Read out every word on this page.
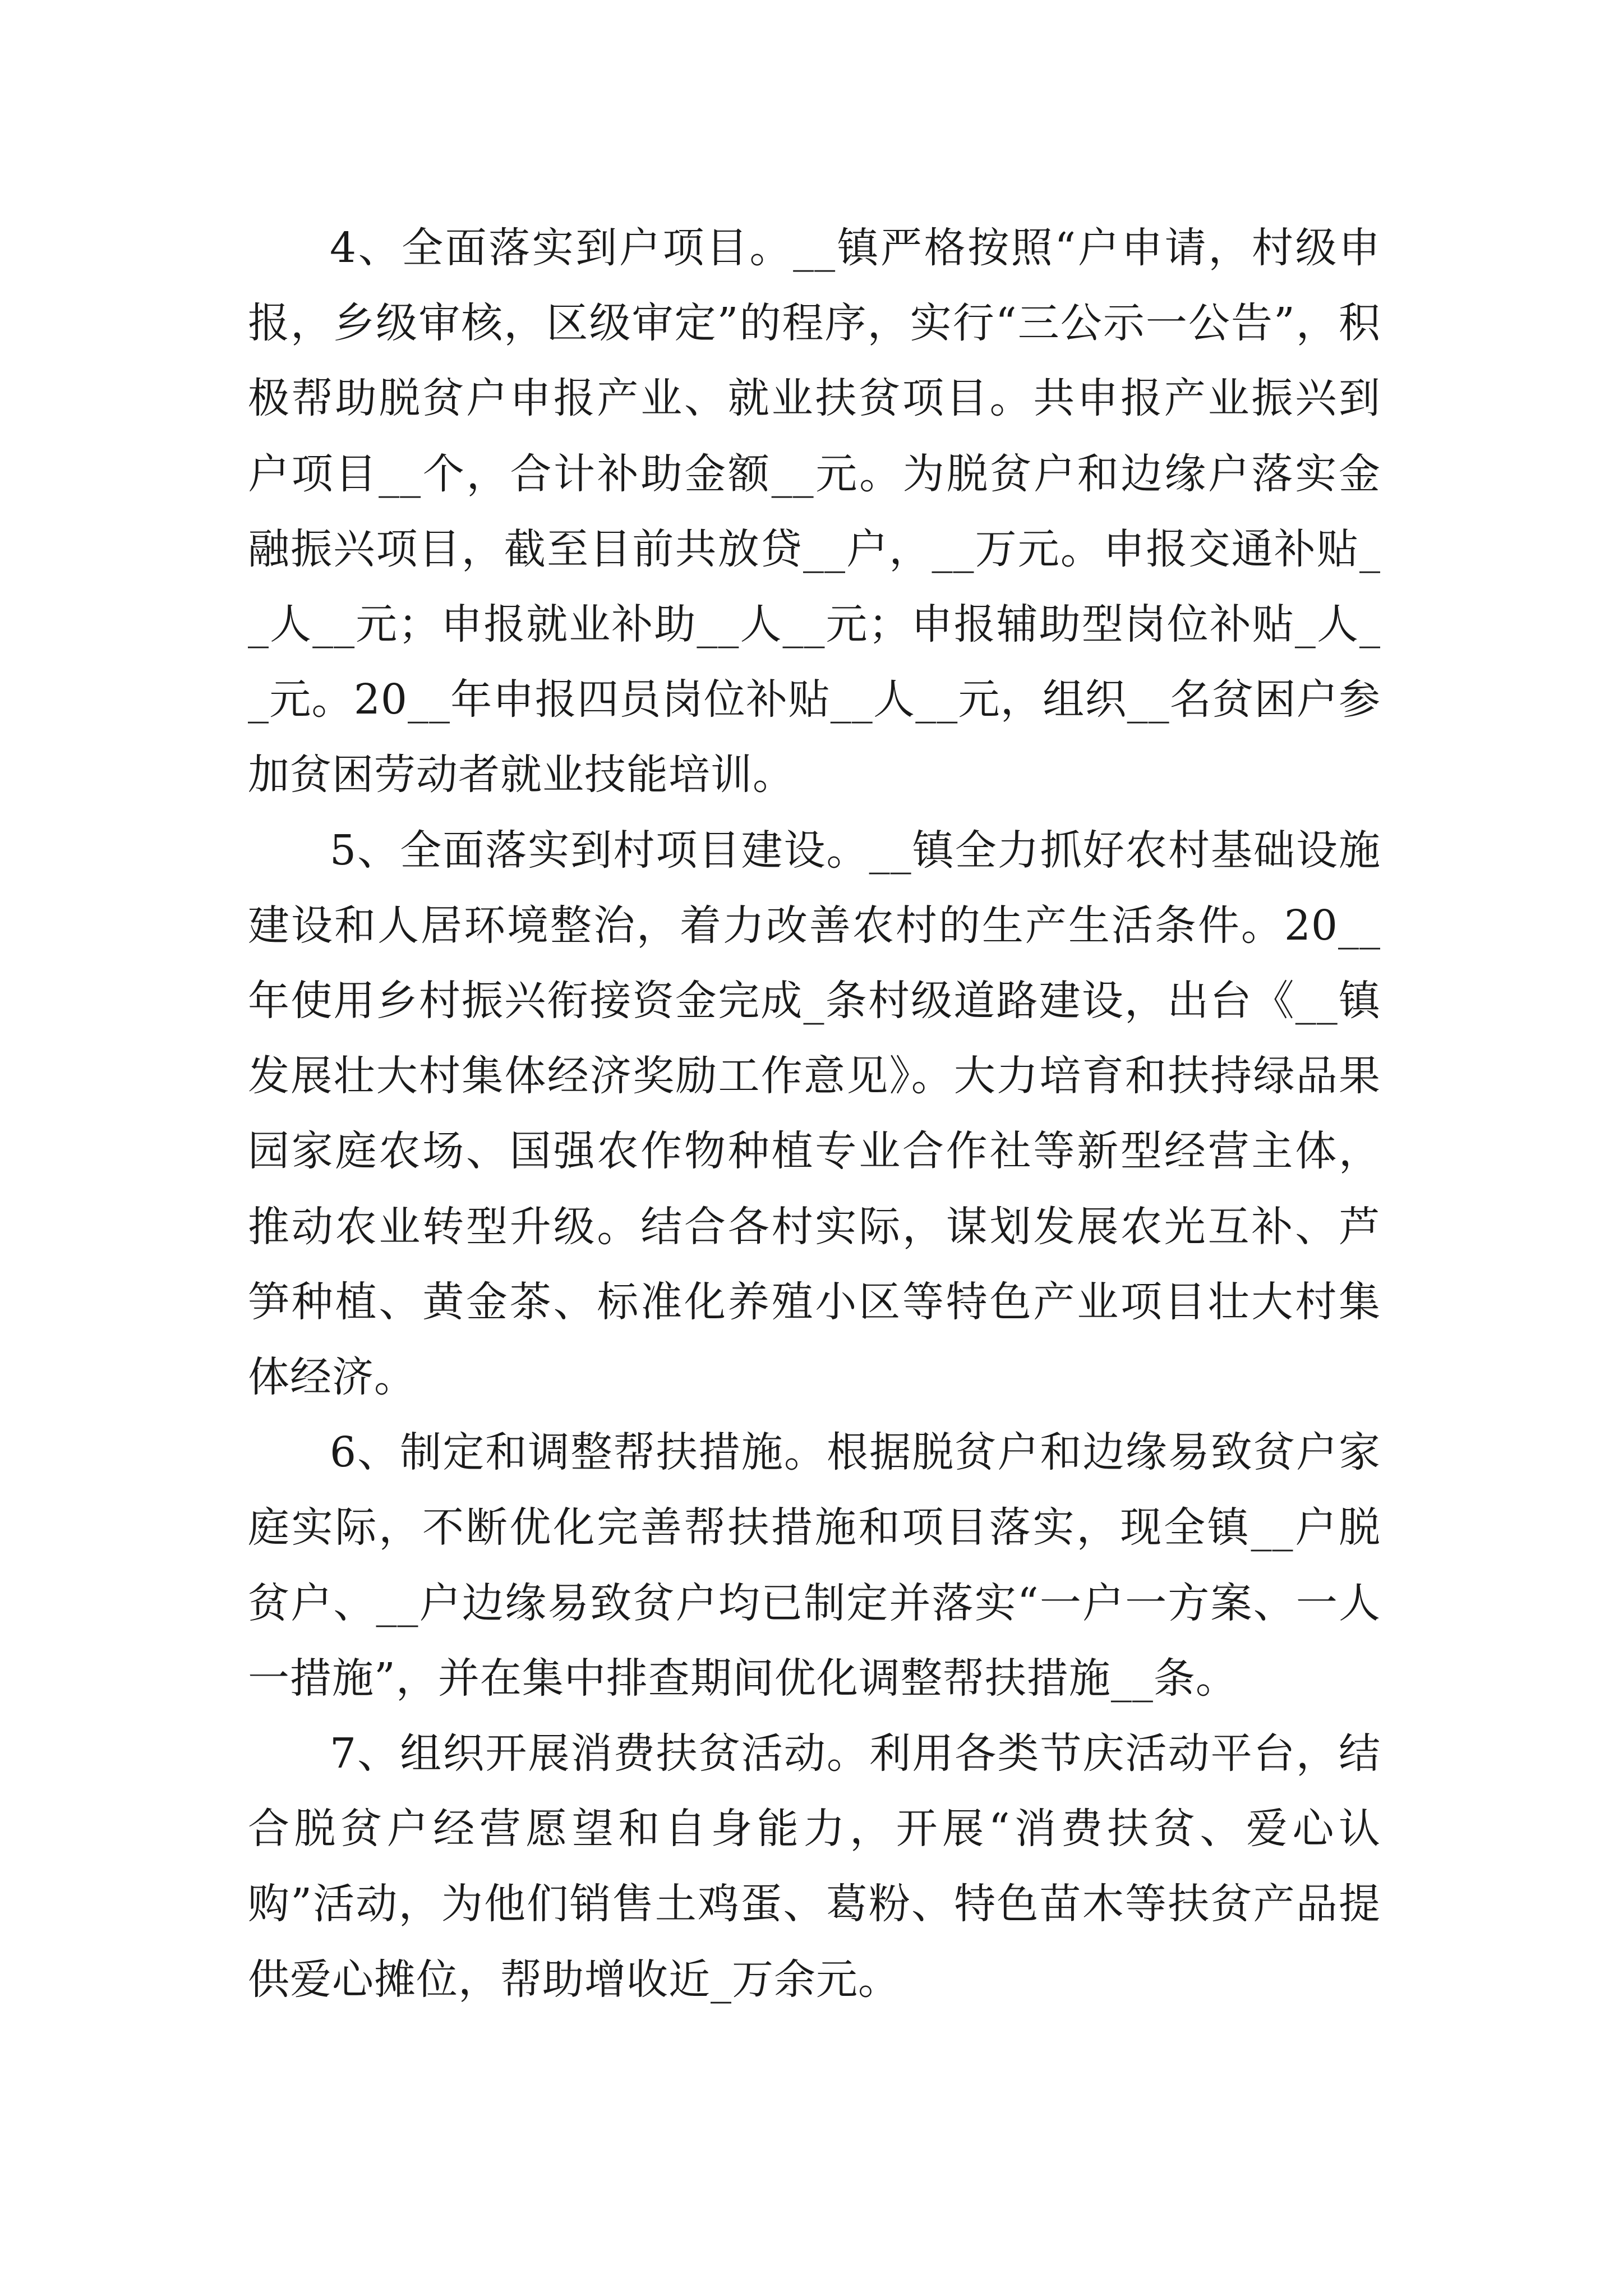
4、全面落实到户项目。__镇严格按照“户申请，村级申报，乡级审核，区级审定”的程序，实行“三公示一公告”，积极帮助脱贫户申报产业、就业扶贫项目。共申报产业振兴到户项目__个，合计补助金额__元。为脱贫户和边缘户落实金融振兴项目，截至目前共放贷__户，__万元。申报交通补贴__人__元；申报就业补助__人__元；申报辅助型岗位补贴_人__元。20__年申报四员岗位补贴__人__元，组织__名贫困户参加贫困劳动者就业技能培训。

5、全面落实到村项目建设。__镇全力抓好农村基础设施建设和人居环境整治，着力改善农村的生产生活条件。20__年使用乡村振兴衔接资金完成_条村级道路建设，出台《__镇发展壮大村集体经济奖励工作意见》。大力培育和扶持绿品果园家庭农场、国强农作物种植专业合作社等新型经营主体，推动农业转型升级。结合各村实际，谋划发展农光互补、芦笋种植、黄金茶、标准化养殖小区等特色产业项目壮大村集体经济。

6、制定和调整帮扶措施。根据脱贫户和边缘易致贫户家庭实际，不断优化完善帮扶措施和项目落实，现全镇__户脱贫户、__户边缘易致贫户均已制定并落实“一户一方案、一人一措施”，并在集中排查期间优化调整帮扶措施__条。

7、组织开展消费扶贫活动。利用各类节庆活动平台，结合脱贫户经营愿望和自身能力，开展“消费扶贫、爱心认购”活动，为他们销售土鸡蛋、葛粉、特色苗木等扶贫产品提供爱心摊位，帮助增收近_万余元。
